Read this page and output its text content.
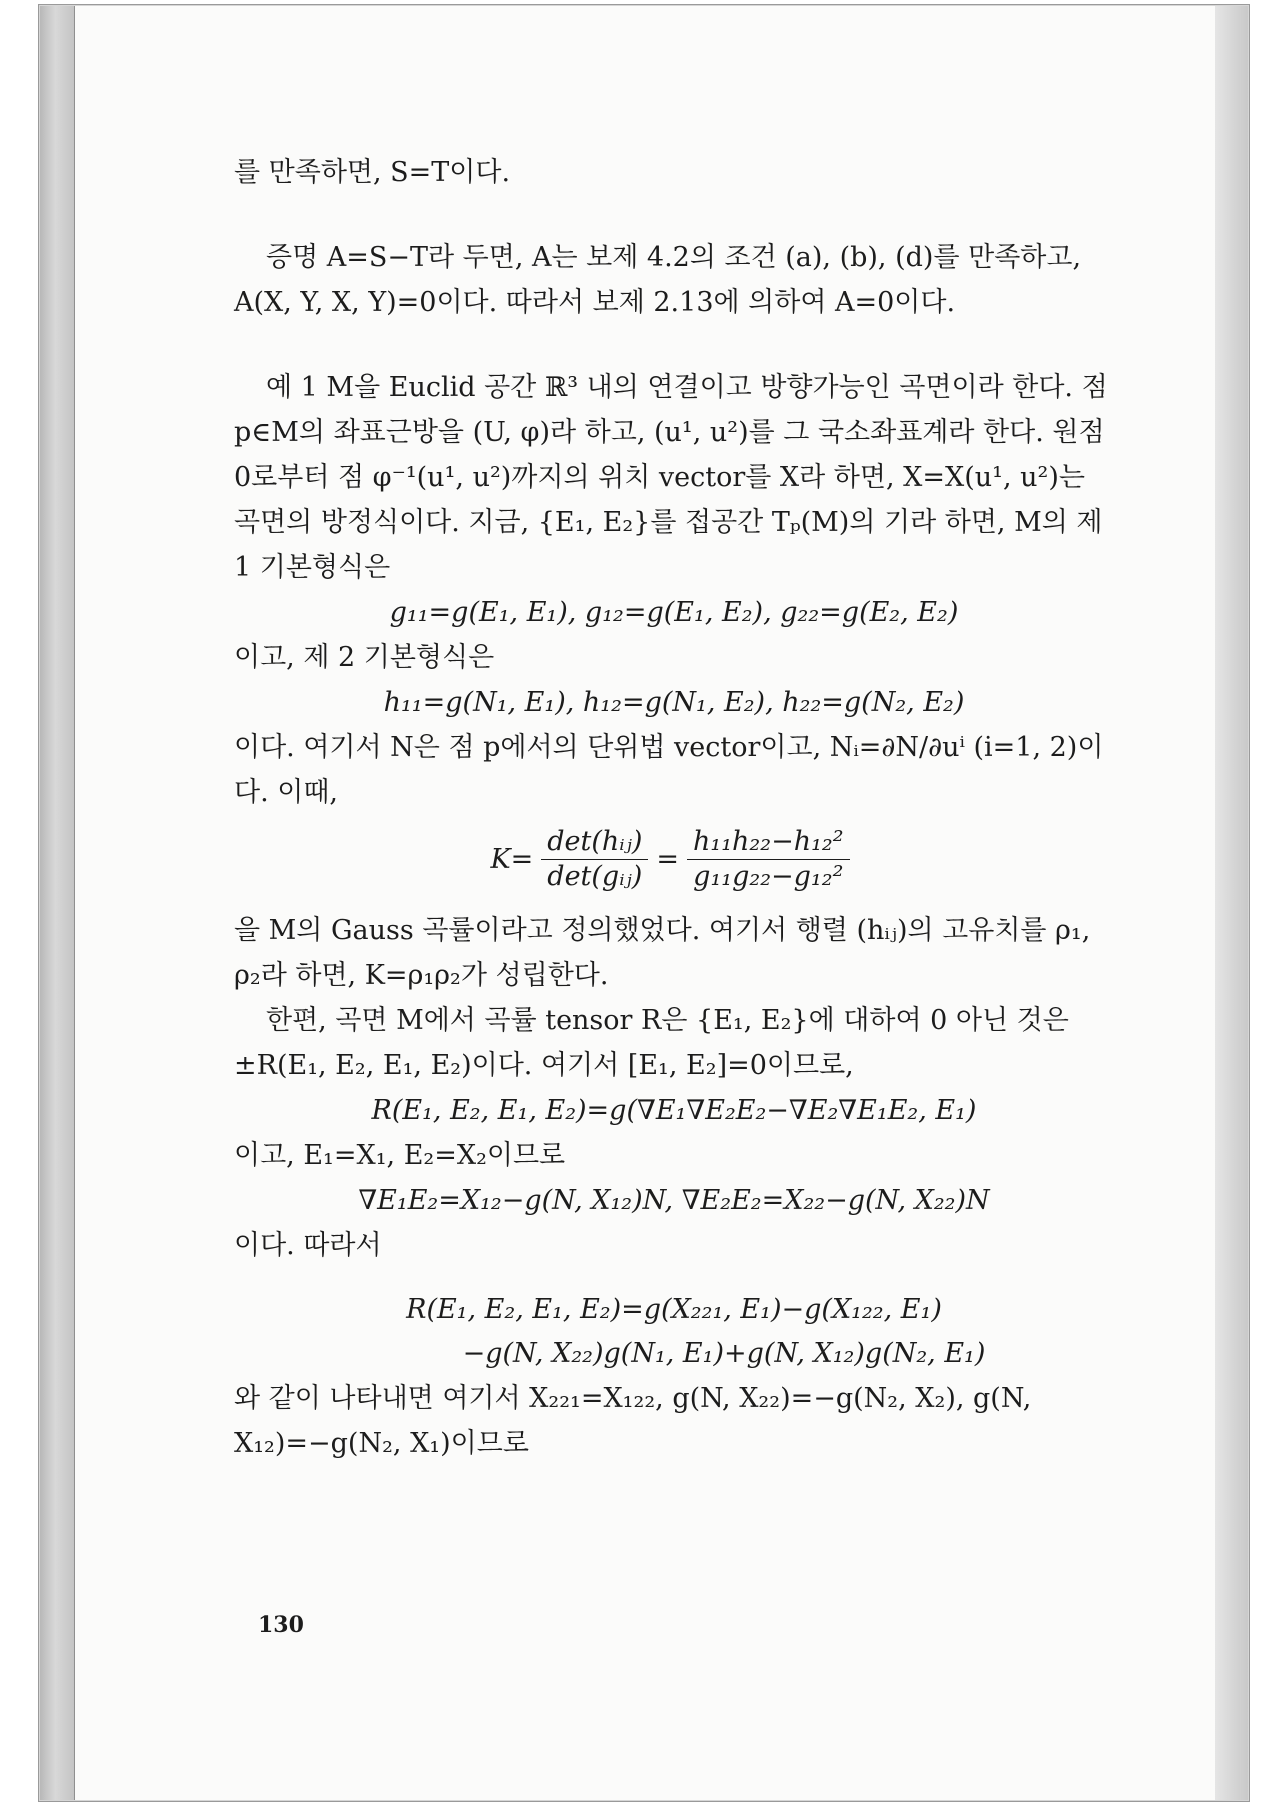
를 만족하면, S=T이다.

증명 A=S−T라 두면, A는 보제 4.2의 조건 (a), (b), (d)를 만족하고, A(X, Y, X, Y)=0이다. 따라서 보제 2.13에 의하여 A=0이다.

예 1 M을 Euclid 공간 ℝ³ 내의 연결이고 방향가능인 곡면이라 한다. 점 p∈M의 좌표근방을 (U, φ)라 하고, (u¹, u²)를 그 국소좌표계라 한다. 원점 0로부터 점 φ⁻¹(u¹, u²)까지의 위치 vector를 X라 하면, X=X(u¹, u²)는 곡면의 방정식이다. 지금, {E₁, E₂}를 접공간 Tₚ(M)의 기라 하면, M의 제 1 기본형식은

g₁₁=g(E₁, E₁), g₁₂=g(E₁, E₂), g₂₂=g(E₂, E₂)

이고, 제 2 기본형식은

h₁₁=g(N₁, E₁), h₁₂=g(N₁, E₂), h₂₂=g(N₂, E₂)

이다. 여기서 N은 점 p에서의 단위법 vector이고, Nᵢ=∂N/∂uⁱ (i=1, 2)이다. 이때,

$K= \frac{\text{det(hᵢⱼ)}}{\text{det(gᵢⱼ)}} = \frac{\text{h₁₁h₂₂−h₁₂²}}{\text{g₁₁g₂₂−g₁₂²}}$

을 M의 Gauss 곡률이라고 정의했었다. 여기서 행렬 (hᵢⱼ)의 고유치를 ρ₁, ρ₂라 하면, K=ρ₁ρ₂가 성립한다.

한편, 곡면 M에서 곡률 tensor R은 {E₁, E₂}에 대하여 0 아닌 것은 ±R(E₁, E₂, E₁, E₂)이다. 여기서 [E₁, E₂]=0이므로,

R(E₁, E₂, E₁, E₂)=g(∇E₁∇E₂E₂−∇E₂∇E₁E₂, E₁)

이고, E₁=X₁, E₂=X₂이므로

∇E₁E₂=X₁₂−g(N, X₁₂)N, ∇E₂E₂=X₂₂−g(N, X₂₂)N

이다. 따라서

R(E₁, E₂, E₁, E₂)=g(X₂₂₁, E₁)−g(X₁₂₂, E₁)

−g(N, X₂₂)g(N₁, E₁)+g(N, X₁₂)g(N₂, E₁)

와 같이 나타내면 여기서 X₂₂₁=X₁₂₂, g(N, X₂₂)=−g(N₂, X₂), g(N, X₁₂)=−g(N₂, X₁)이므로

130
